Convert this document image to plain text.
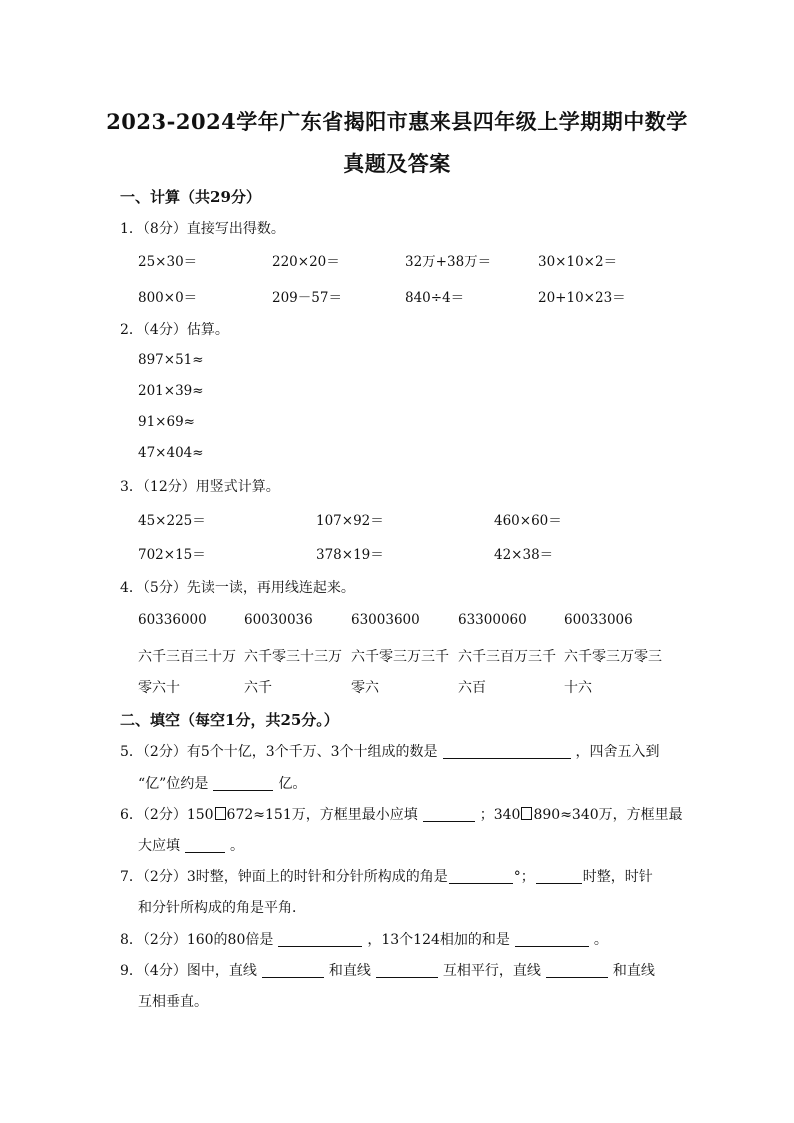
2023-2024学年广东省揭阳市惠来县四年级上学期期中数学
真题及答案
一、计算（共29分）
1．（8分）直接写出得数。
25×30＝	220×20＝	32万+38万＝	30×10×2＝
800×0＝	209－57＝	840÷4＝	20+10×23＝
2．（4分）估算。
897×51≈
201×39≈
91×69≈
47×404≈
3．（12分）用竖式计算。
45×225＝	107×92＝	460×60＝
702×15＝	378×19＝	42×38＝
4．（5分）先读一读，再用线连起来。
60336000	60030036	63003600	63300060	60033006
六千三百三十万 六千零三十三万 六千零三万三千 六千三百万三千 六千零三万零三
零六十	六千	零六	六百	十六
二、填空（每空1分，共25分。）
5．（2分）有5个十亿，3个千万、3个十组成的数是	，四舍五入到
“亿”位约是	亿。
6．（2分）150 672≈151万，方框里最小应填	；340 890≈340万，方框里最
大应填	。
7．（2分）3时整，钟面上的时针和分针所构成的角是	°；	时整，时针
和分针所构成的角是平角．
8．（2分）160的80倍是	，13个124相加的和是	。
9．（4分）图中，直线	和直线	互相平行，直线	和直线
互相垂直。
